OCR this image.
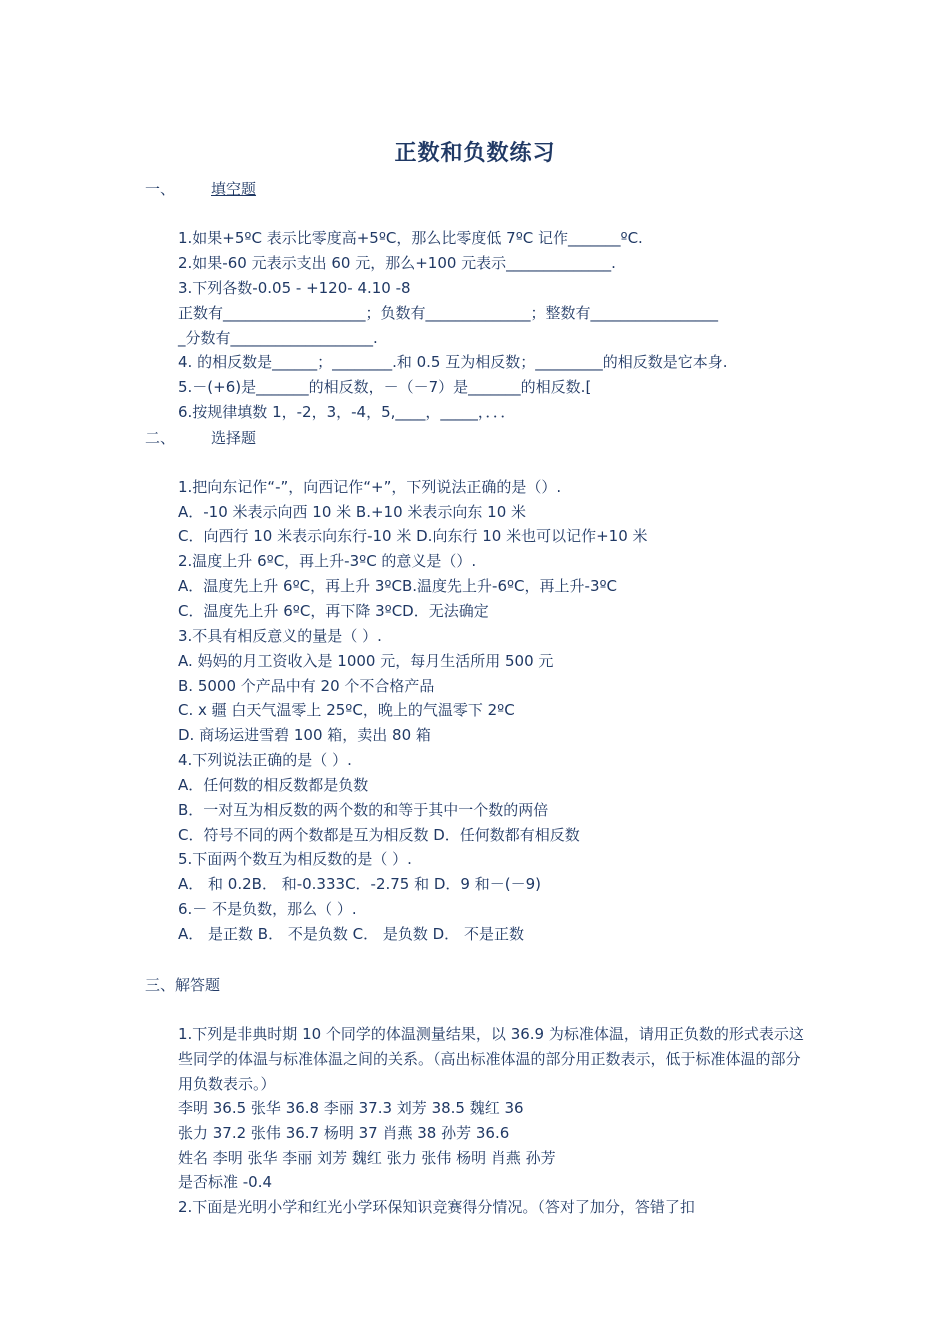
正数和负数练习
一、 填空题
1.如果+5ºC 表示比零度高+5ºC，那么比零度低 7ºC 记作_______ºC.
2.如果-60 元表示支出 60 元，那么+100 元表示______________.
3.下列各数-0.05 - +120- 4.10 -8
正数有___________________；负数有______________；整数有_________________
_分数有___________________.
4. 的相反数是______；________.和 0.5 互为相反数；_________的相反数是它本身.
5.－(+6)是_______的相反数，－（－7）是_______的相反数.[
6.按规律填数 1，-2，3，-4，5,____，_____，．．．
二、 选择题
1.把向东记作“-”，向西记作“+”，下列说法正确的是（）.
A．-10 米表示向西 10 米 B.+10 米表示向东 10 米
C．向西行 10 米表示向东行-10 米 D.向东行 10 米也可以记作+10 米
2.温度上升 6ºC，再上升-3ºC 的意义是（）.
A．温度先上升 6ºC，再上升 3ºCB.温度先上升-6ºC，再上升-3ºC
C．温度先上升 6ºC，再下降 3ºCD．无法确定
3.不具有相反意义的量是（ ）.
A. 妈妈的月工资收入是 1000 元，每月生活所用 500 元
B. 5000 个产品中有 20 个不合格产品
C. x 疆 白天气温零上 25ºC，晚上的气温零下 2ºC
D. 商场运进雪碧 100 箱，卖出 80 箱
4.下列说法正确的是（ ）.
A．任何数的相反数都是负数
B．一对互为相反数的两个数的和等于其中一个数的两倍
C．符号不同的两个数都是互为相反数 D．任何数都有相反数
5.下面两个数互为相反数的是（ ）.
A． 和 0.2B． 和-0.333C．-2.75 和 D．9 和－(－9)
6.－ 不是负数，那么（ ）.
A． 是正数 B． 不是负数 C． 是负数 D． 不是正数
三、解答题
1.下列是非典时期 10 个同学的体温测量结果，以 36.9 为标准体温，请用正负数的形式表示这些同学的体温与标准体温之间的关系。（高出标准体温的部分用正数表示，低于标准体温的部分用负数表示。）
李明 36.5 张华 36.8 李丽 37.3 刘芳 38.5 魏红 36
张力 37.2 张伟 36.7 杨明 37 肖燕 38 孙芳 36.6
姓名 李明 张华 李丽 刘芳 魏红 张力 张伟 杨明 肖燕 孙芳
是否标准 -0.4
2.下面是光明小学和红光小学环保知识竞赛得分情况。（答对了加分，答错了扣
